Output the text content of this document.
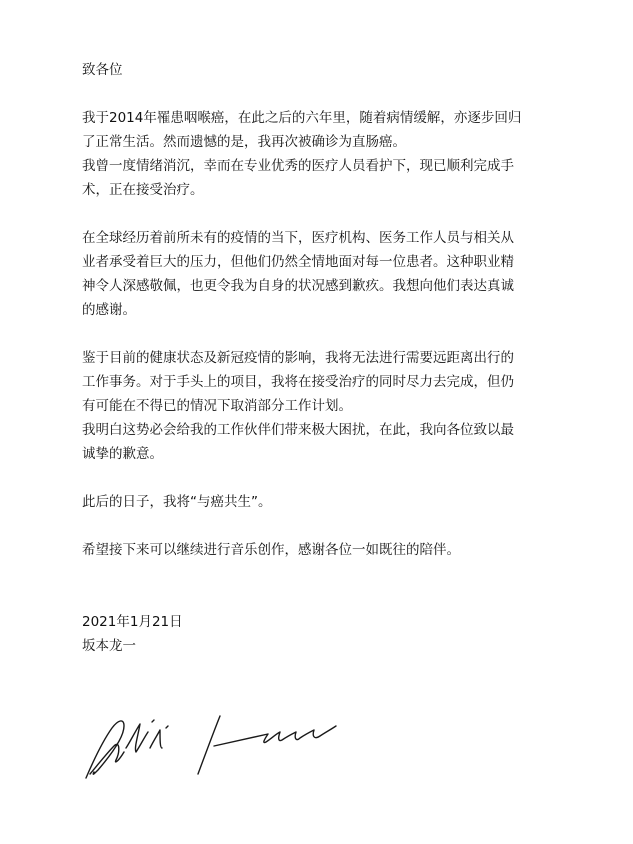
致各位

我于2014年罹患咽喉癌，在此之后的六年里，随着病情缓解，亦逐步回归
了正常生活。然而遗憾的是，我再次被确诊为直肠癌。
我曾一度情绪消沉，幸而在专业优秀的医疗人员看护下，现已顺利完成手
术，正在接受治疗。

在全球经历着前所未有的疫情的当下，医疗机构、医务工作人员与相关从
业者承受着巨大的压力，但他们仍然全情地面对每一位患者。这种职业精
神令人深感敬佩，也更令我为自身的状况感到歉疚。我想向他们表达真诚
的感谢。

鉴于目前的健康状态及新冠疫情的影响，我将无法进行需要远距离出行的
工作事务。对于手头上的项目，我将在接受治疗的同时尽力去完成，但仍
有可能在不得已的情况下取消部分工作计划。
我明白这势必会给我的工作伙伴们带来极大困扰，在此，我向各位致以最
诚挚的歉意。

此后的日子，我将“与癌共生”。

希望接下来可以继续进行音乐创作，感谢各位一如既往的陪伴。

2021年1月21日
坂本龙一
